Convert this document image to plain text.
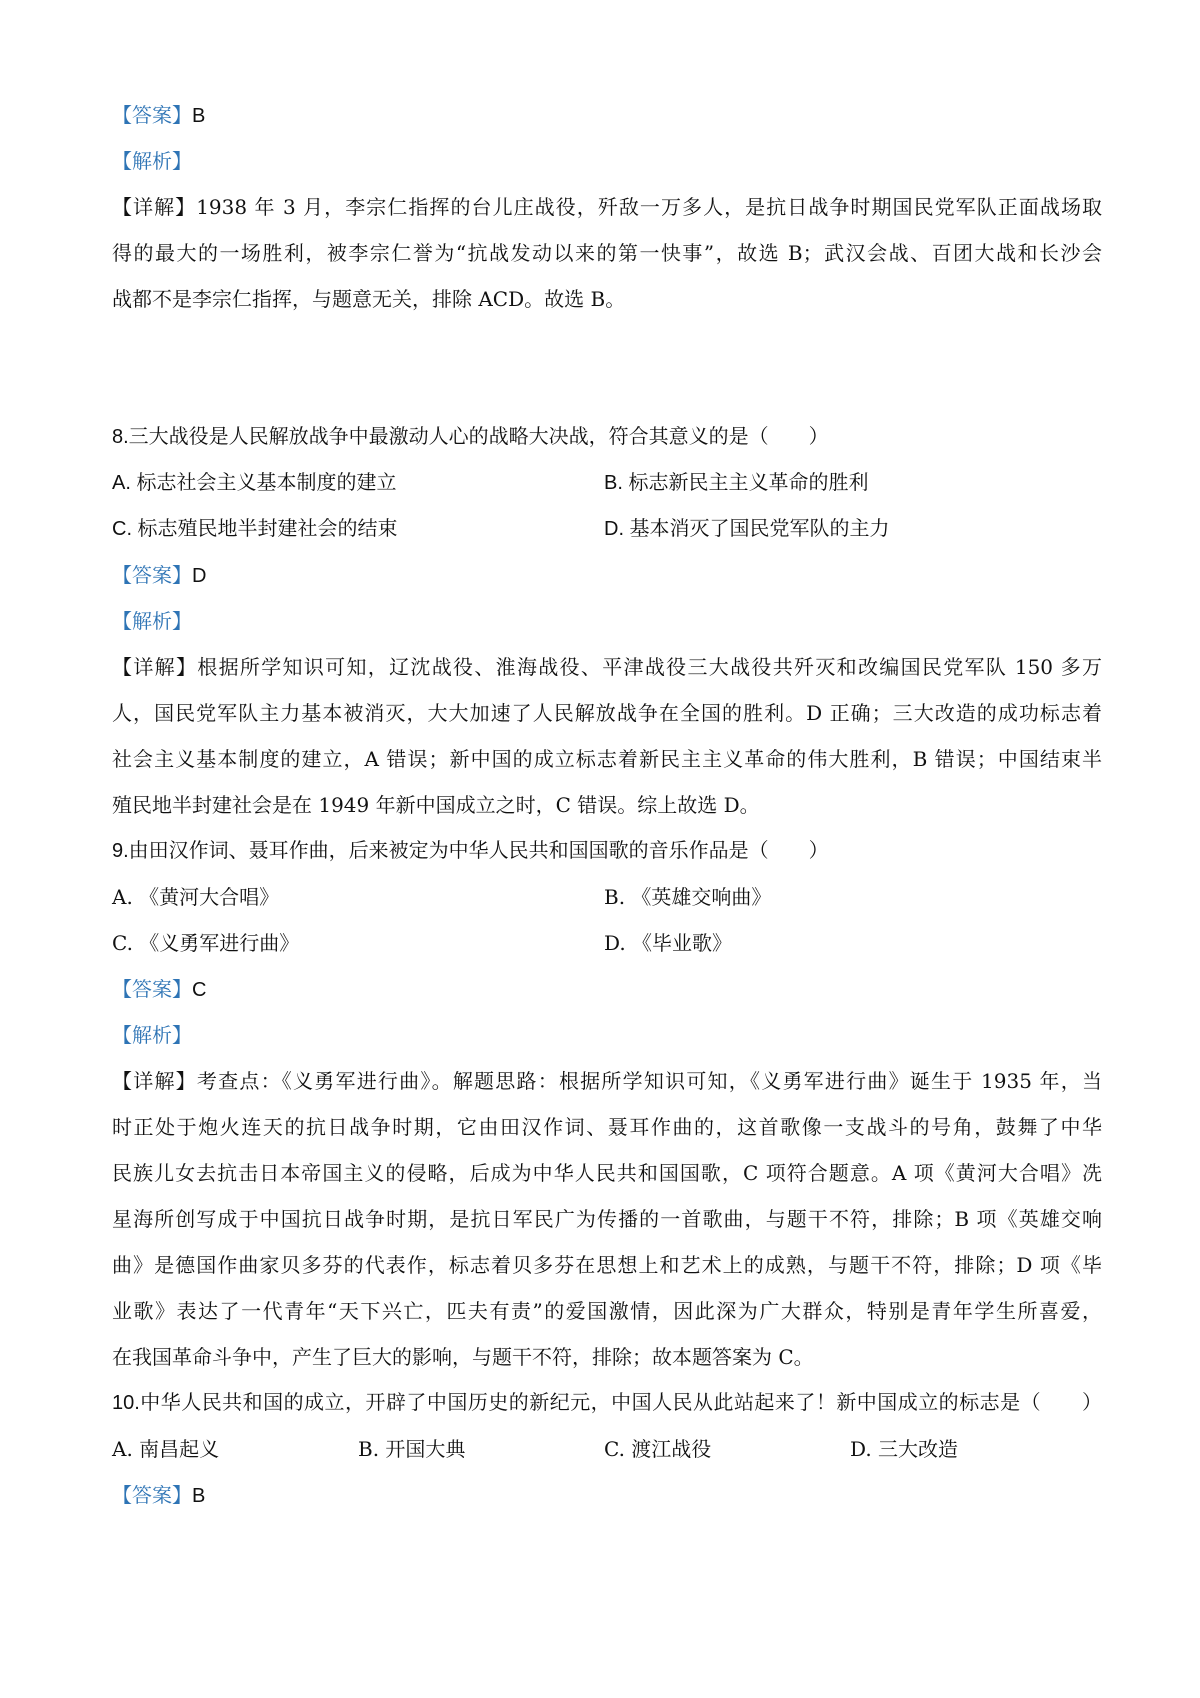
【答案】B
【解析】
【详解】1938 年 3 月，李宗仁指挥的台儿庄战役，歼敌一万多人，是抗日战争时期国民党军队正面战场取
得的最大的一场胜利，被李宗仁誉为“抗战发动以来的第一快事”，故选 B；武汉会战、百团大战和长沙会
战都不是李宗仁指挥，与题意无关，排除 ACD。故选 B。
8.三大战役是人民解放战争中最激动人心的战略大决战，符合其意义的是（　　）
A. 标志社会主义基本制度的建立	B. 标志新民主主义革命的胜利
C. 标志殖民地半封建社会的结束	D. 基本消灭了国民党军队的主力
【答案】D
【解析】
【详解】根据所学知识可知，辽沈战役、淮海战役、平津战役三大战役共歼灭和改编国民党军队 150 多万
人，国民党军队主力基本被消灭，大大加速了人民解放战争在全国的胜利。D 正确；三大改造的成功标志着
社会主义基本制度的建立，A 错误；新中国的成立标志着新民主主义革命的伟大胜利，B 错误；中国结束半
殖民地半封建社会是在 1949 年新中国成立之时，C 错误。综上故选 D。
9.由田汉作词、聂耳作曲，后来被定为中华人民共和国国歌的音乐作品是（　　）
A. 《黄河大合唱》	B. 《英雄交响曲》
C. 《义勇军进行曲》	D. 《毕业歌》
【答案】C
【解析】
【详解】考查点：《义勇军进行曲》。解题思路：根据所学知识可知，《义勇军进行曲》诞生于 1935 年，当
时正处于炮火连天的抗日战争时期，它由田汉作词、聂耳作曲的，这首歌像一支战斗的号角，鼓舞了中华
民族儿女去抗击日本帝国主义的侵略，后成为中华人民共和国国歌，C 项符合题意。A 项《黄河大合唱》冼
星海所创写成于中国抗日战争时期，是抗日军民广为传播的一首歌曲，与题干不符，排除；B 项《英雄交响
曲》是德国作曲家贝多芬的代表作，标志着贝多芬在思想上和艺术上的成熟，与题干不符，排除；D 项《毕
业歌》表达了一代青年“天下兴亡，匹夫有责”的爱国激情，因此深为广大群众，特别是青年学生所喜爱，
在我国革命斗争中，产生了巨大的影响，与题干不符，排除；故本题答案为 C。
10.中华人民共和国的成立，开辟了中国历史的新纪元，中国人民从此站起来了！新中国成立的标志是（　　）
A. 南昌起义	B. 开国大典	C. 渡江战役	D. 三大改造
【答案】B
